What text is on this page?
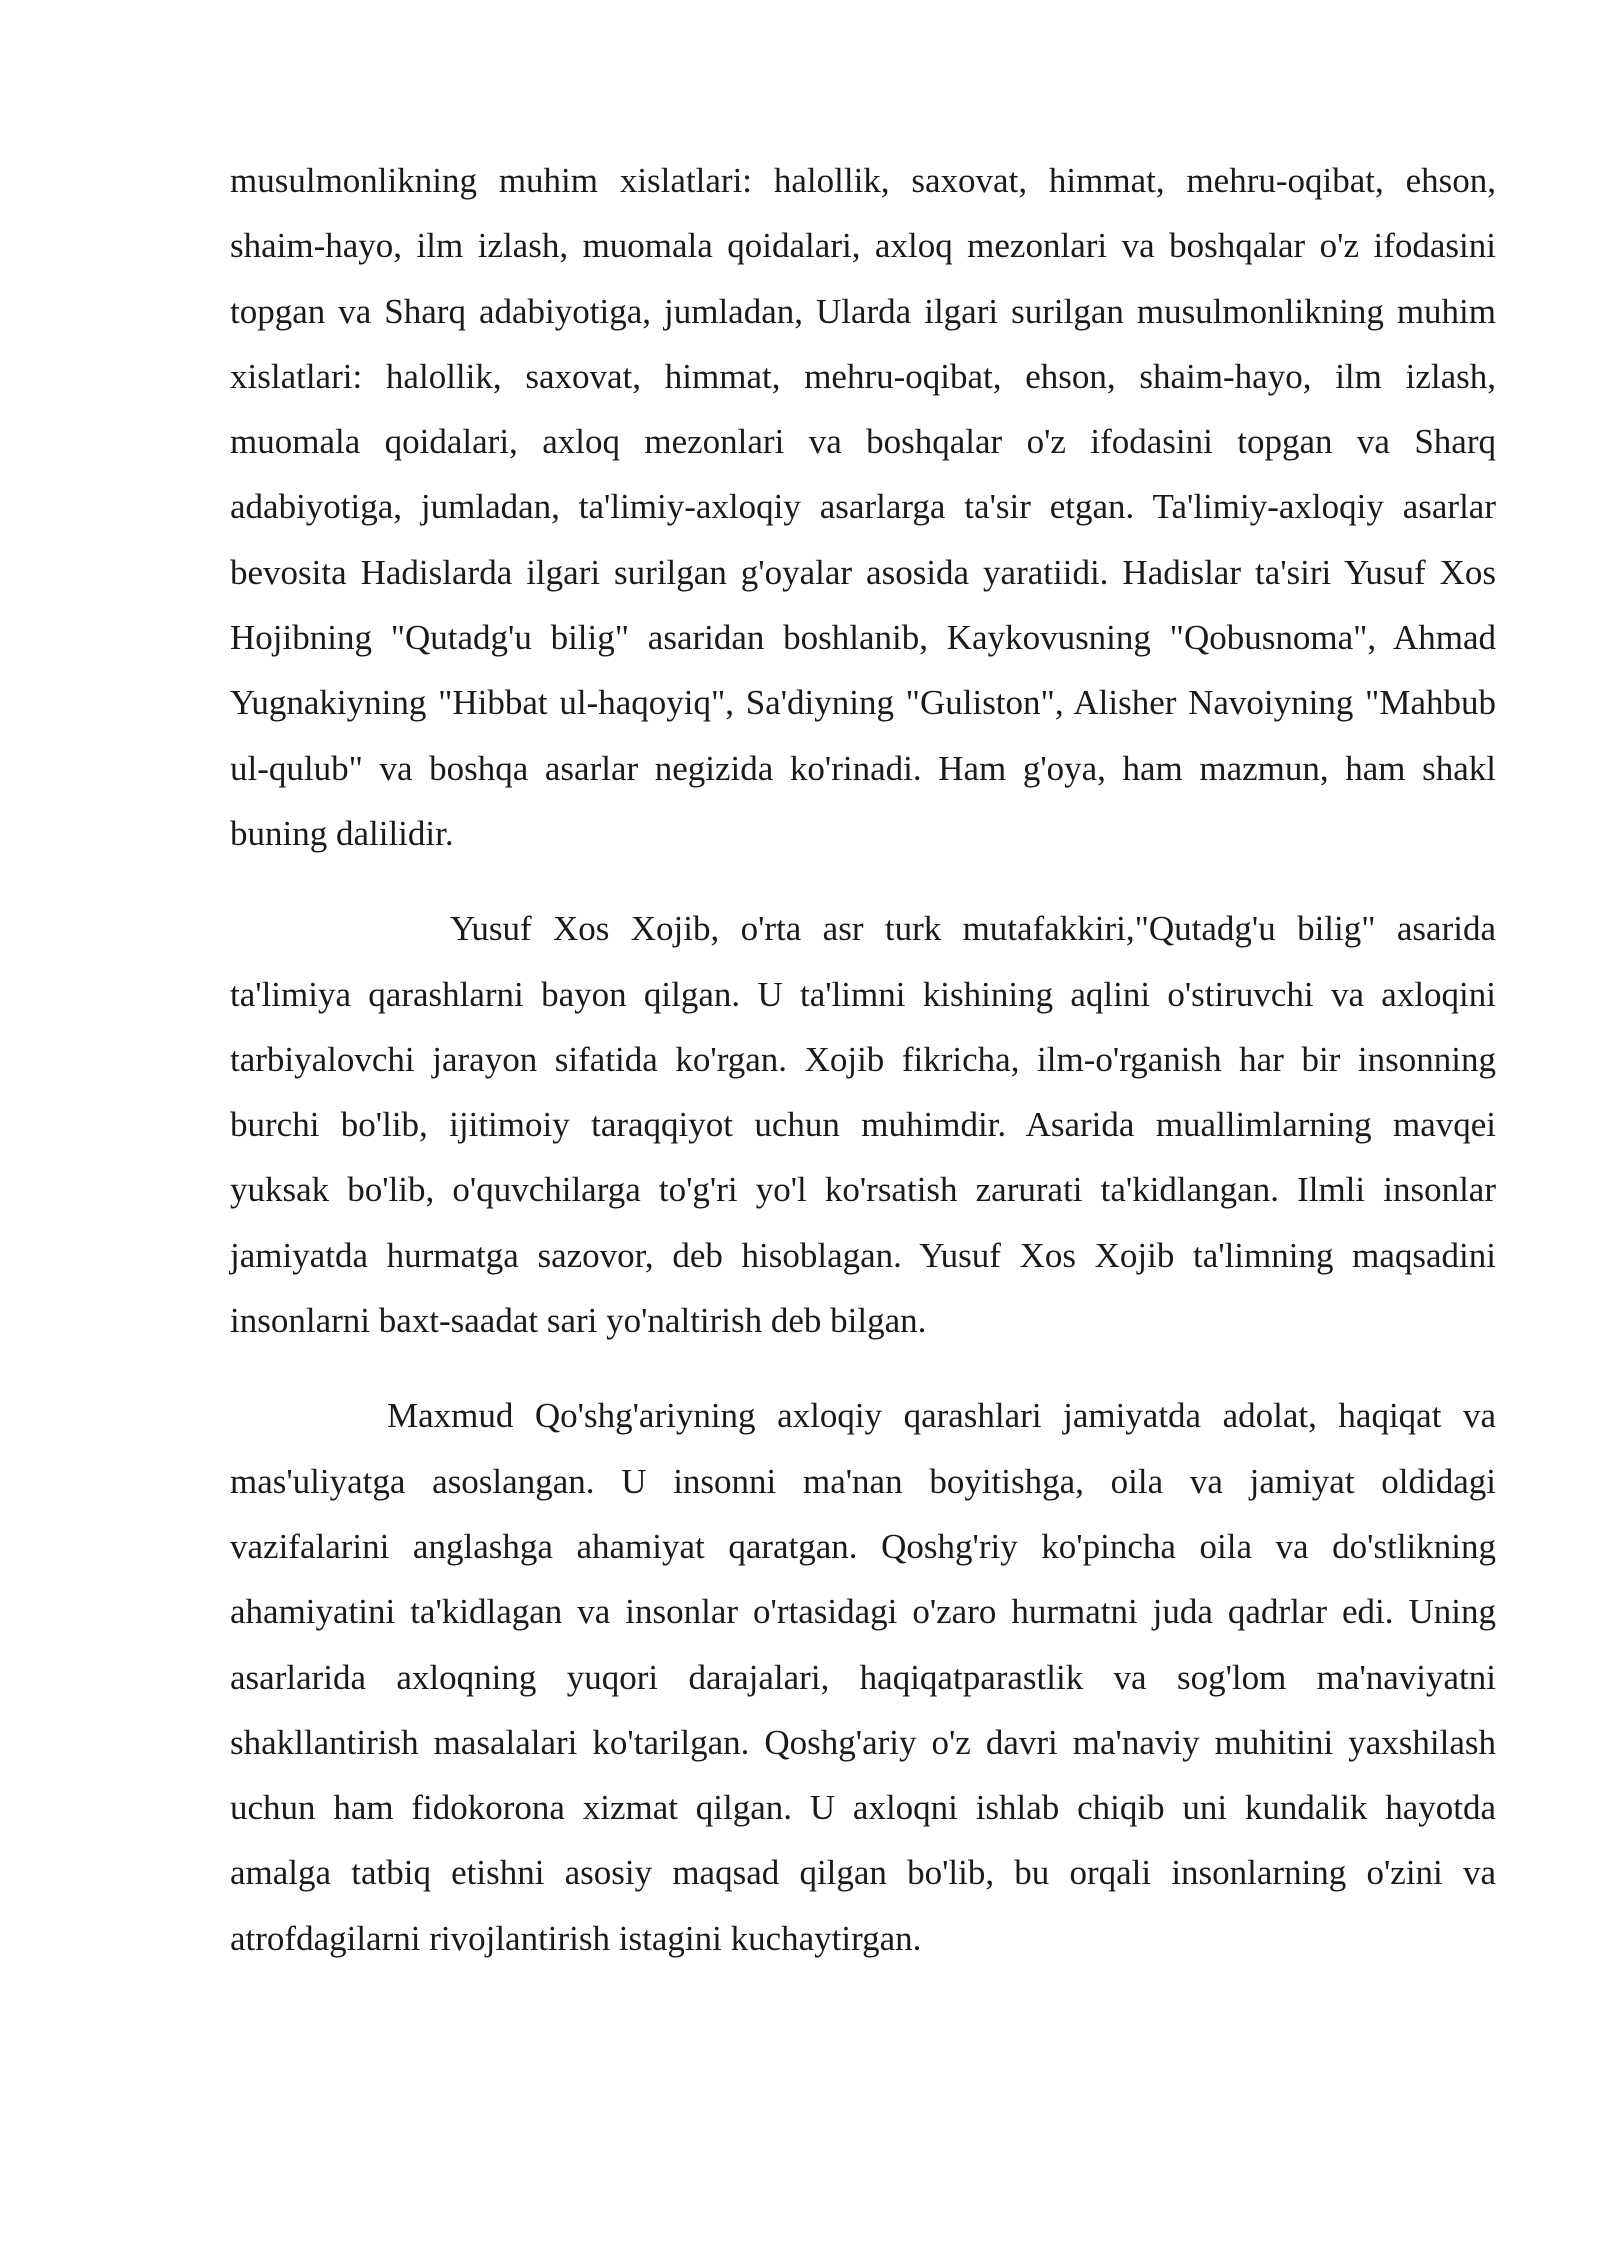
musulmonlikning muhim xislatlari: halollik, saxovat, himmat, mehru-oqibat, ehson, shaim-hayo, ilm izlash, muomala qoidalari, axloq mezonlari va boshqalar o'z ifodasini topgan va Sharq adabiyotiga, jumladan, Ularda ilgari surilgan musulmonlikning muhim xislatlari: halollik, saxovat, himmat, mehru-oqibat, ehson, shaim-hayo, ilm izlash, muomala qoidalari, axloq mezonlari va boshqalar o'z ifodasini topgan va Sharq adabiyotiga, jumladan, ta'limiy-axloqiy asarlarga ta'sir etgan. Ta'limiy-axloqiy asarlar bevosita Hadislarda ilgari surilgan g'oyalar asosida yaratiidi. Hadislar ta'siri Yusuf Xos Hojibning "Qutadg'u bilig" asaridan boshlanib, Kaykovusning "Qobusnoma", Ahmad Yugnakiyning "Hibbat ul-haqoyiq", Sa'diyning "Guliston", Alisher Navoiyning "Mahbub ul-qulub" va boshqa asarlar negizida ko'rinadi. Ham g'oya, ham mazmun, ham shakl buning dalilidir.

Yusuf Xos Xojib, o'rta asr turk mutafakkiri,"Qutadg'u bilig" asarida ta'limiya qarashlarni bayon qilgan. U ta'limni kishining aqlini o'stiruvchi va axloqini tarbiyalovchi jarayon sifatida ko'rgan. Xojib fikricha, ilm-o'rganish har bir insonning burchi bo'lib, ijitimoiy taraqqiyot uchun muhimdir. Asarida muallimlarning mavqei yuksak bo'lib, o'quvchilarga to'g'ri yo'l ko'rsatish zarurati ta'kidlangan. Ilmli insonlar jamiyatda hurmatga sazovor, deb hisoblagan. Yusuf Xos Xojib ta'limning maqsadini insonlarni baxt-saadat sari yo'naltirish deb bilgan.

Maxmud Qo'shg'ariyning axloqiy qarashlari jamiyatda adolat, haqiqat va mas'uliyatga asoslangan. U insonni ma'nan boyitishga, oila va jamiyat oldidagi vazifalarini anglashga ahamiyat qaratgan. Qoshg'riy ko'pincha oila va do'stlikning ahamiyatini ta'kidlagan va insonlar o'rtasidagi o'zaro hurmatni juda qadrlar edi. Uning asarlarida axloqning yuqori darajalari, haqiqatparastlik va sog'lom ma'naviyatni shakllantirish masalalari ko'tarilgan. Qoshg'ariy o'z davri ma'naviy muhitini yaxshilash uchun ham fidokorona xizmat qilgan. U axloqni ishlab chiqib uni kundalik hayotda amalga tatbiq etishni asosiy maqsad qilgan bo'lib, bu orqali insonlarning o'zini va atrofdagilarni rivojlantirish istagini kuchaytirgan.
